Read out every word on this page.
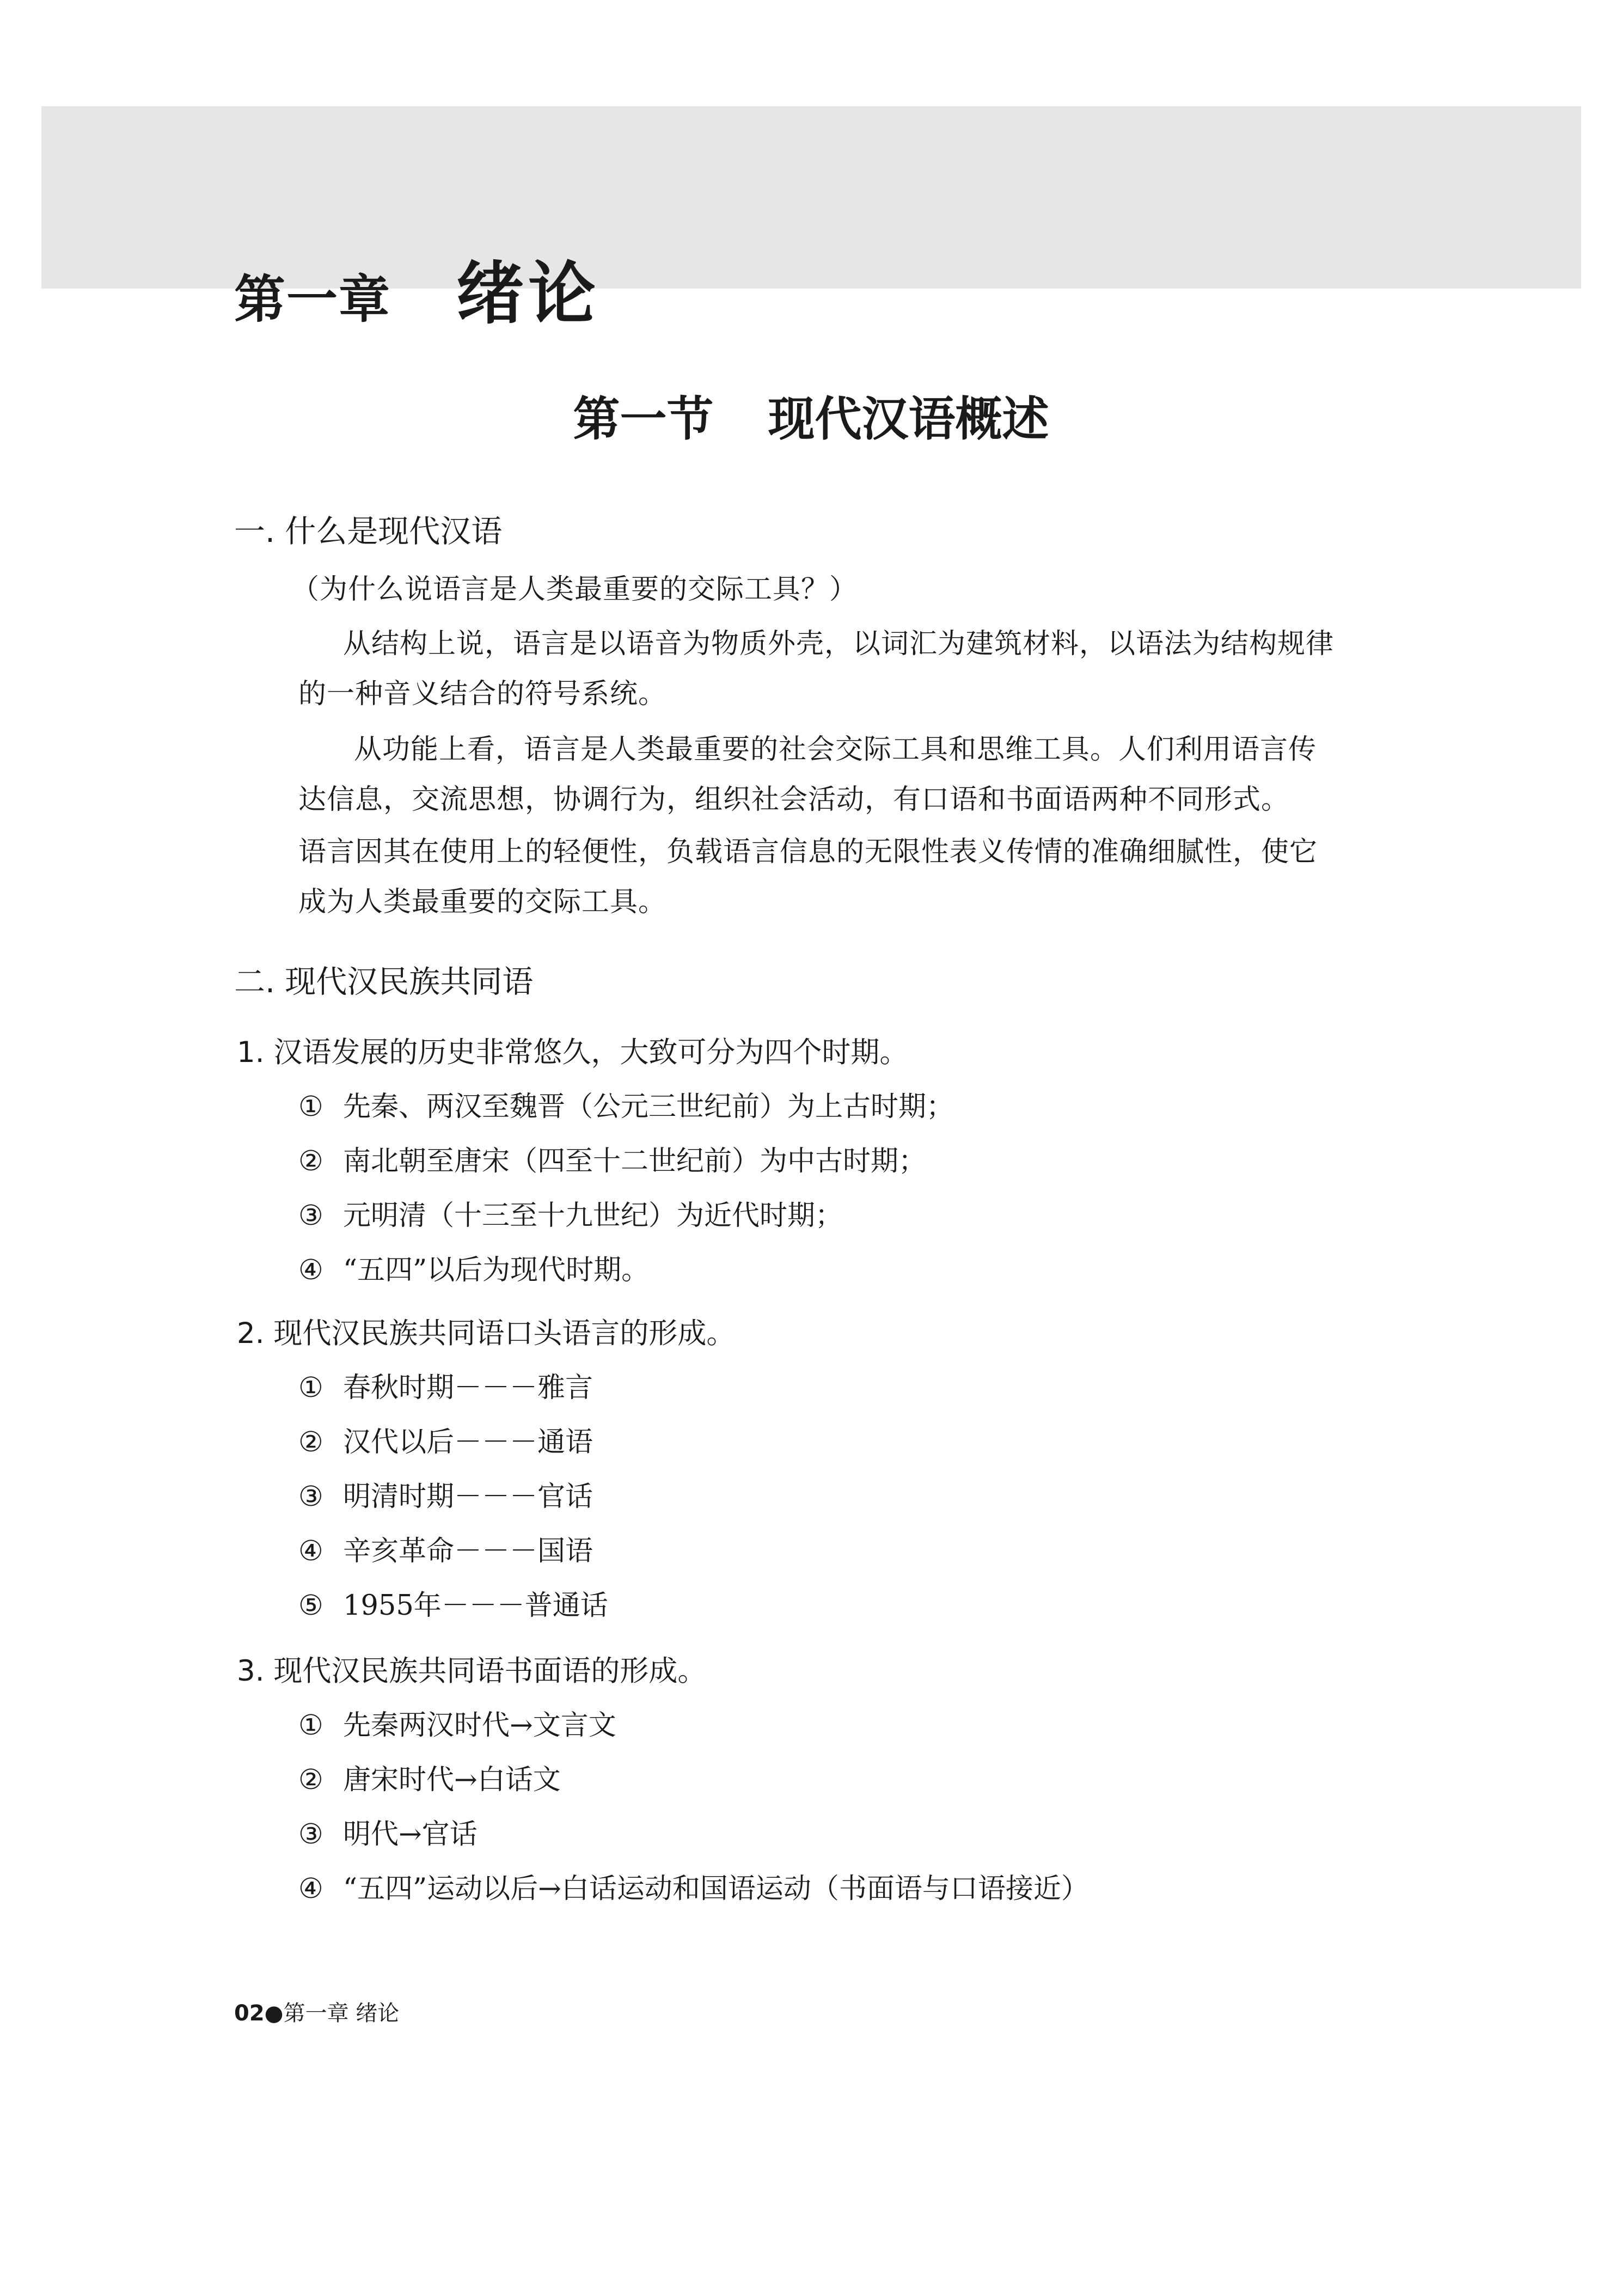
第一章 绪论
第一节 现代汉语概述
一. 什么是现代汉语
（为什么说语言是人类最重要的交际工具？）
从结构上说，语言是以语音为物质外壳，以词汇为建筑材料，以语法为结构规律
的一种音义结合的符号系统。
从功能上看，语言是人类最重要的社会交际工具和思维工具。人们利用语言传
达信息，交流思想，协调行为，组织社会活动，有口语和书面语两种不同形式。
语言因其在使用上的轻便性，负载语言信息的无限性表义传情的准确细腻性，使它
成为人类最重要的交际工具。
二. 现代汉民族共同语
1. 汉语发展的历史非常悠久，大致可分为四个时期。
① 先秦、两汉至魏晋（公元三世纪前）为上古时期；
② 南北朝至唐宋（四至十二世纪前）为中古时期；
③ 元明清（十三至十九世纪）为近代时期；
④ “五四”以后为现代时期。
2. 现代汉民族共同语口头语言的形成。
① 春秋时期－－－雅言
② 汉代以后－－－通语
③ 明清时期－－－官话
④ 辛亥革命－－－国语
⑤ 1955年－－－普通话
3. 现代汉民族共同语书面语的形成。
① 先秦两汉时代→文言文
② 唐宋时代→白话文
③ 明代→官话
④ “五四”运动以后→白话运动和国语运动（书面语与口语接近）
02●第一章 绪论
